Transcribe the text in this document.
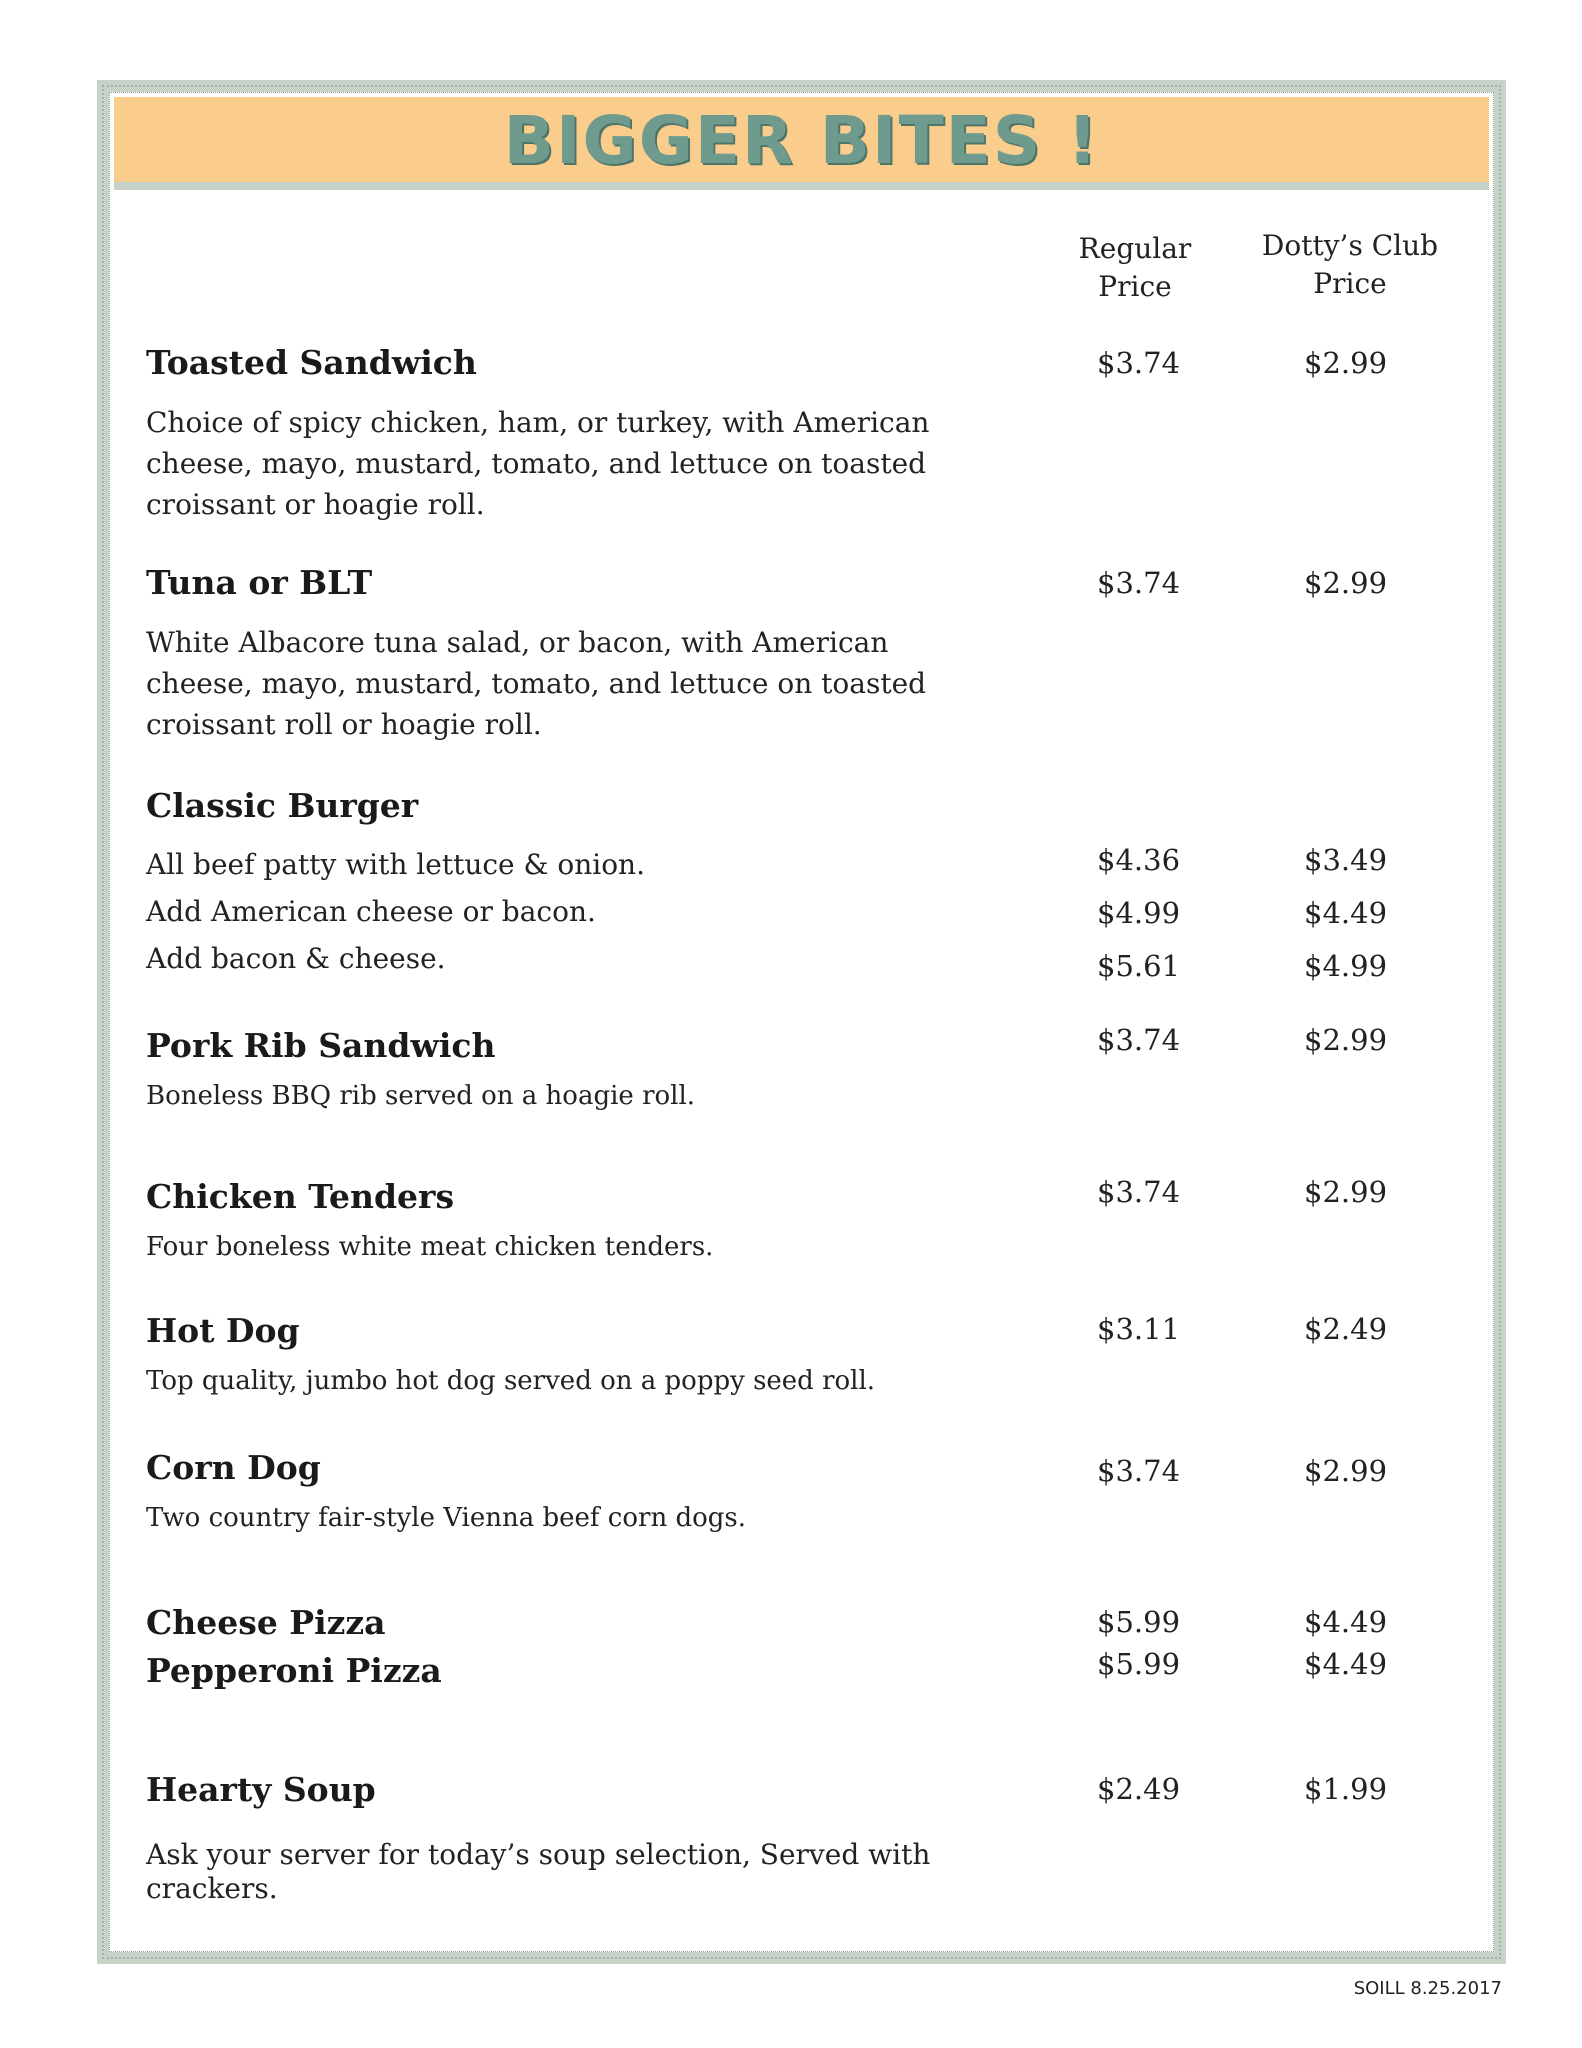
BIGGER BITES !
Regular
Price
Dotty’s Club
Price
Toasted Sandwich	$3.74	$2.99
Choice of spicy chicken, ham, or turkey, with American
cheese, mayo, mustard, tomato, and lettuce on toasted
croissant or hoagie roll.
Tuna or BLT	$3.74	$2.99
White Albacore tuna salad, or bacon, with American
cheese, mayo, mustard, tomato, and lettuce on toasted
croissant roll or hoagie roll.
Classic Burger
All beef patty with lettuce & onion.	$4.36	$3.49
Add American cheese or bacon.	$4.99	$4.49
Add bacon & cheese.	$5.61	$4.99
Pork Rib Sandwich	$3.74	$2.99
Boneless BBQ rib served on a hoagie roll.
Chicken Tenders	$3.74	$2.99
Four boneless white meat chicken tenders.
Hot Dog	$3.11	$2.49
Top quality, jumbo hot dog served on a poppy seed roll.
Corn Dog	$3.74	$2.99
Two country fair-style Vienna beef corn dogs.
Cheese Pizza	$5.99	$4.49
Pepperoni Pizza	$5.99	$4.49
Hearty Soup	$2.49	$1.99
Ask your server for today’s soup selection, Served with
crackers.
SOILL 8.25.2017
